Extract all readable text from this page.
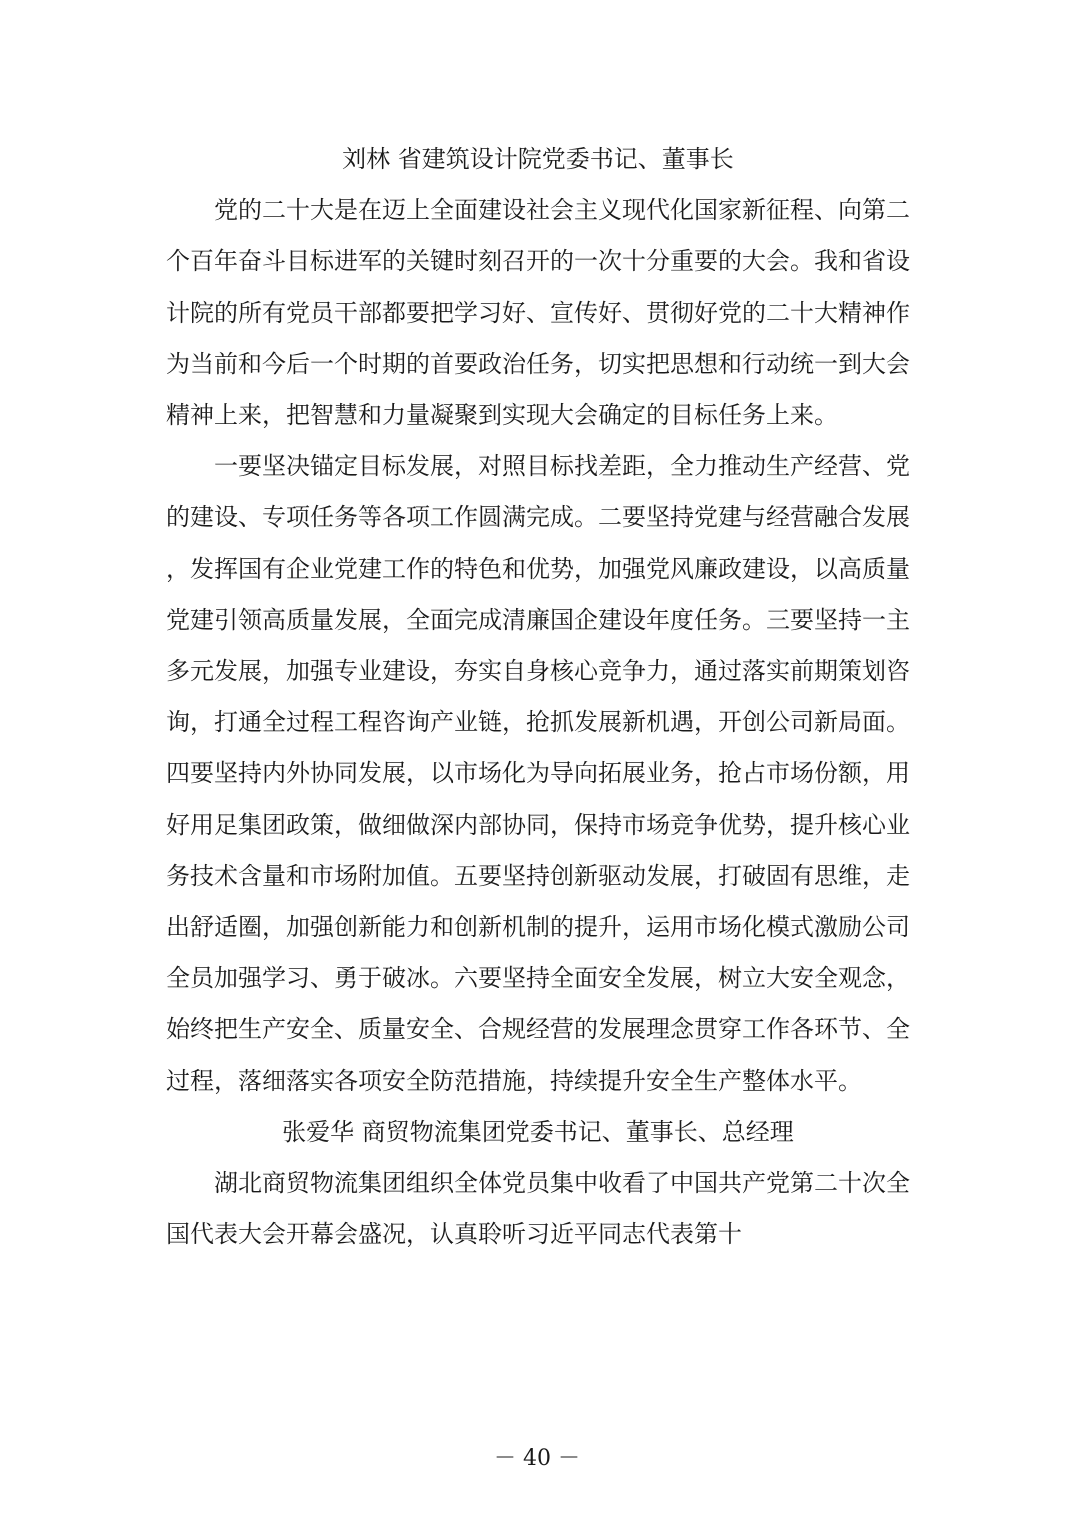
刘林 省建筑设计院党委书记、董事长

党的二十大是在迈上全面建设社会主义现代化国家新征程、向第二个百年奋斗目标进军的关键时刻召开的一次十分重要的大会。我和省设计院的所有党员干部都要把学习好、宣传好、贯彻好党的二十大精神作为当前和今后一个时期的首要政治任务，切实把思想和行动统一到大会精神上来，把智慧和力量凝聚到实现大会确定的目标任务上来。

一要坚决锚定目标发展，对照目标找差距，全力推动生产经营、党的建设、专项任务等各项工作圆满完成。二要坚持党建与经营融合发展，发挥国有企业党建工作的特色和优势，加强党风廉政建设，以高质量党建引领高质量发展，全面完成清廉国企建设年度任务。三要坚持一主多元发展，加强专业建设，夯实自身核心竞争力，通过落实前期策划咨询，打通全过程工程咨询产业链，抢抓发展新机遇，开创公司新局面。四要坚持内外协同发展，以市场化为导向拓展业务，抢占市场份额，用好用足集团政策，做细做深内部协同，保持市场竞争优势，提升核心业务技术含量和市场附加值。五要坚持创新驱动发展，打破固有思维，走出舒适圈，加强创新能力和创新机制的提升，运用市场化模式激励公司全员加强学习、勇于破冰。六要坚持全面安全发展，树立大安全观念，始终把生产安全、质量安全、合规经营的发展理念贯穿工作各环节、全过程，落细落实各项安全防范措施，持续提升安全生产整体水平。

张爱华 商贸物流集团党委书记、董事长、总经理

湖北商贸物流集团组织全体党员集中收看了中国共产党第二十次全国代表大会开幕会盛况，认真聆听习近平同志代表第十

－ 40 －
